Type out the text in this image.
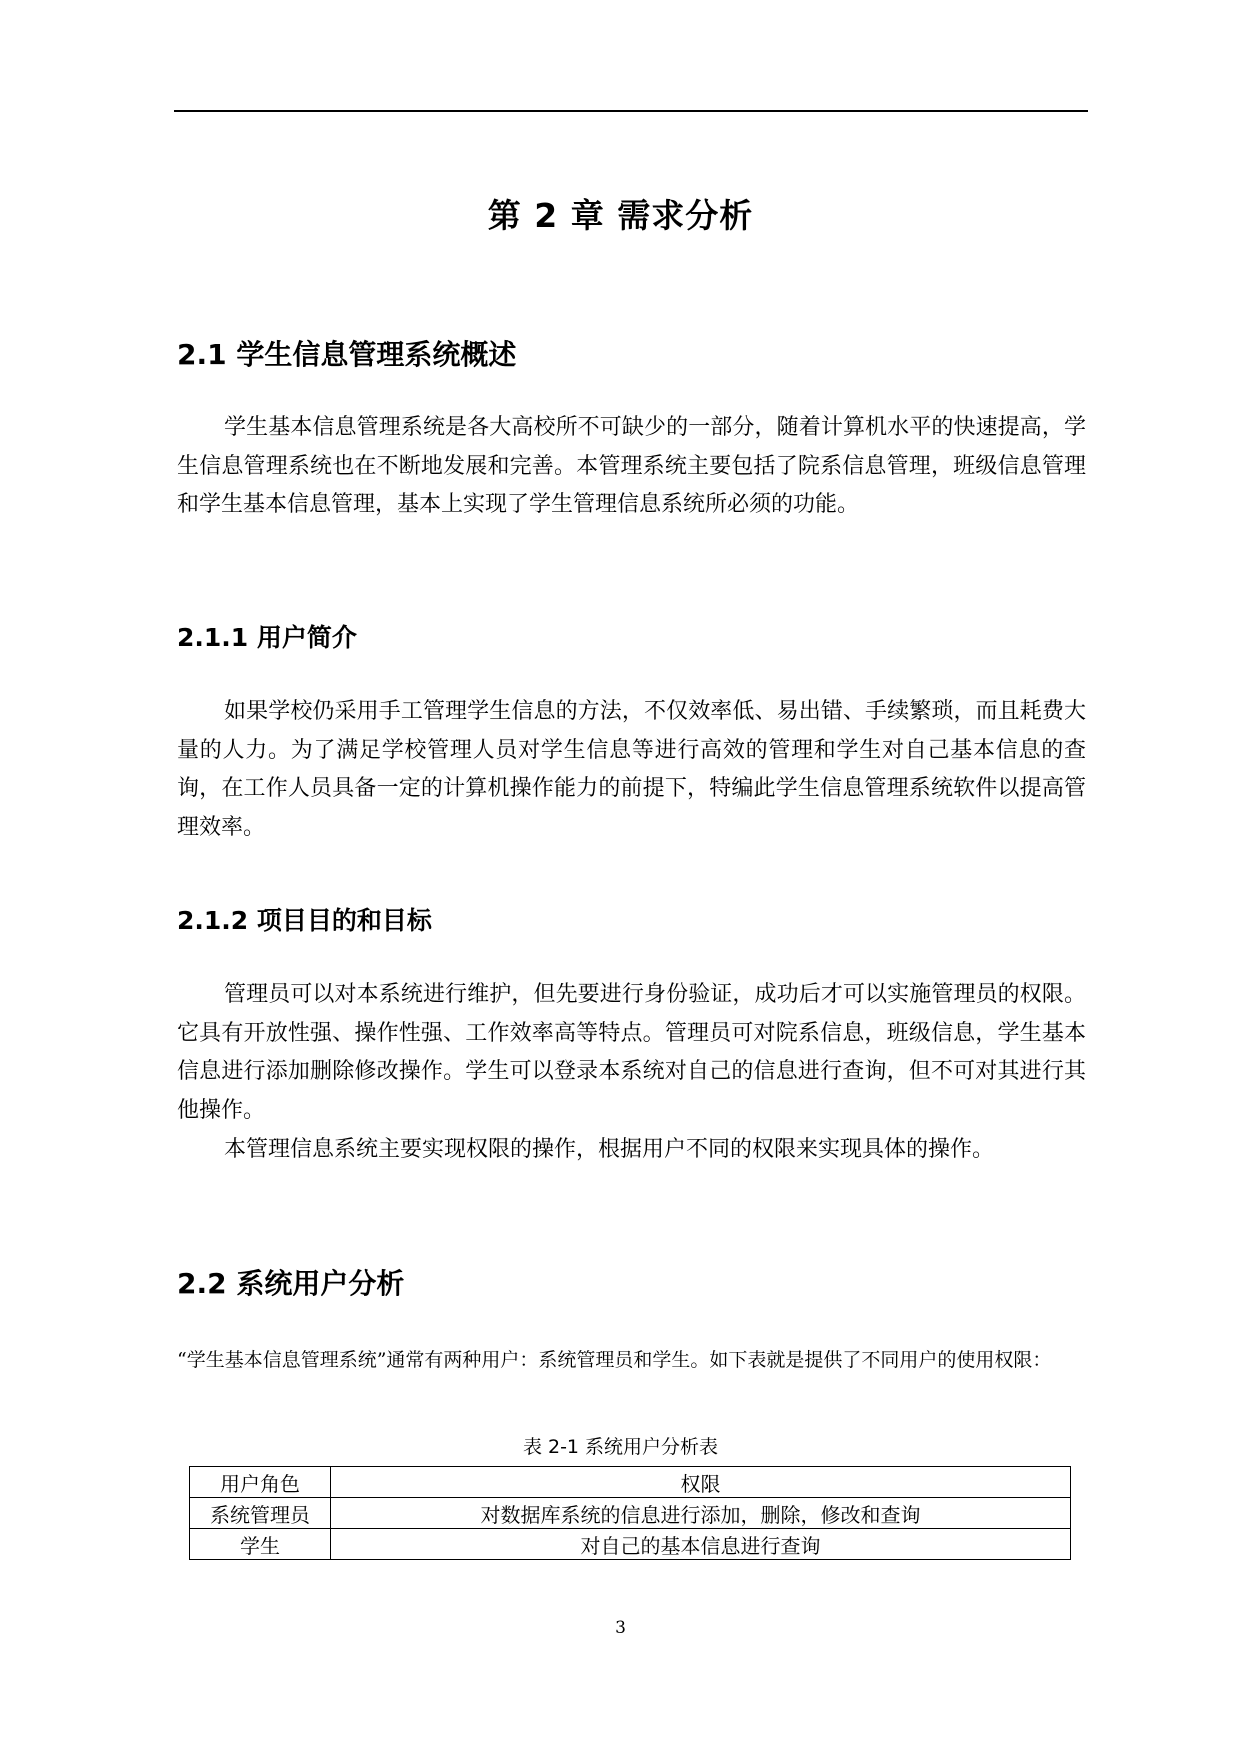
第 2 章 需求分析
2.1 学生信息管理系统概述
学生基本信息管理系统是各大高校所不可缺少的一部分，随着计算机水平的快速提高，学生信息管理系统也在不断地发展和完善。本管理系统主要包括了院系信息管理，班级信息管理和学生基本信息管理，基本上实现了学生管理信息系统所必须的功能。
2.1.1 用户简介
如果学校仍采用手工管理学生信息的方法，不仅效率低、易出错、手续繁琐，而且耗费大量的人力。为了满足学校管理人员对学生信息等进行高效的管理和学生对自己基本信息的查询，在工作人员具备一定的计算机操作能力的前提下，特编此学生信息管理系统软件以提高管理效率。
2.1.2 项目目的和目标
管理员可以对本系统进行维护，但先要进行身份验证，成功后才可以实施管理员的权限。它具有开放性强、操作性强、工作效率高等特点。管理员可对院系信息，班级信息，学生基本信息进行添加删除修改操作。学生可以登录本系统对自己的信息进行查询，但不可对其进行其他操作。
本管理信息系统主要实现权限的操作，根据用户不同的权限来实现具体的操作。
2.2 系统用户分析
“学生基本信息管理系统”通常有两种用户：系统管理员和学生。如下表就是提供了不同用户的使用权限：
表 2-1 系统用户分析表
用户角色	权限
系统管理员	对数据库系统的信息进行添加，删除，修改和查询
学生	对自己的基本信息进行查询
3
